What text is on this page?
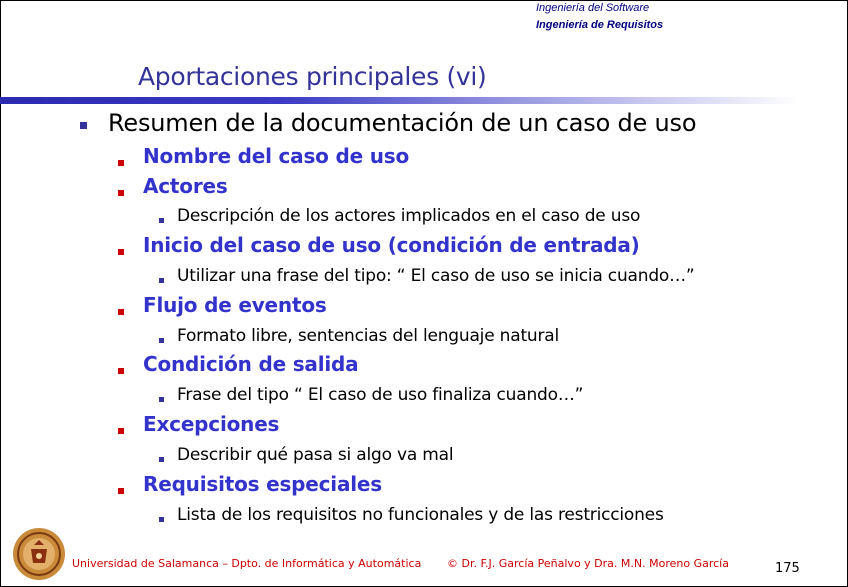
Ingeniería del Software
Ingeniería de Requisitos
Aportaciones principales (vi)
Resumen de la documentación de un caso de uso
Nombre del caso de uso
Actores
Descripción de los actores implicados en el caso de uso
Inicio del caso de uso (condición de entrada)
Utilizar una frase del tipo: “ El caso de uso se inicia cuando…”
Flujo de eventos
Formato libre, sentencias del lenguaje natural
Condición de salida
Frase del tipo “ El caso de uso finaliza cuando…”
Excepciones
Describir qué pasa si algo va mal
Requisitos especiales
Lista de los requisitos no funcionales y de las restricciones
Universidad de Salamanca – Dpto. de Informática y Automática © Dr. F.J. García Peñalvo y Dra. M.N. Moreno García	175
